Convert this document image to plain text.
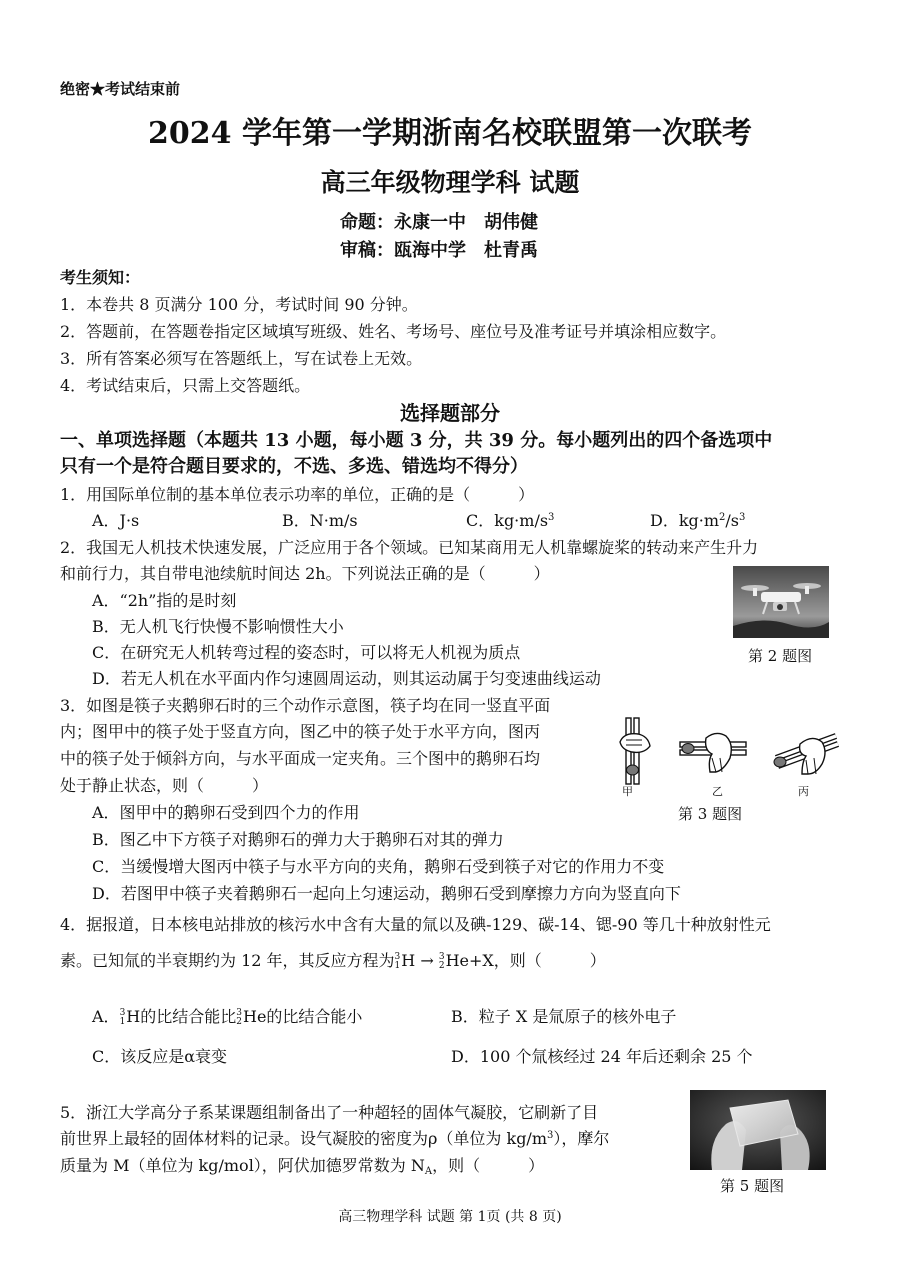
绝密★考试结束前
2024 学年第一学期浙南名校联盟第一次联考
高三年级物理学科 试题
命题：永康一中　胡伟健
审稿：瓯海中学　杜青禹
考生须知：
1．本卷共 8 页满分 100 分，考试时间 90 分钟。
2．答题前，在答题卷指定区域填写班级、姓名、考场号、座位号及准考证号并填涂相应数字。
3．所有答案必须写在答题纸上，写在试卷上无效。
4．考试结束后，只需上交答题纸。
选择题部分
一、单项选择题（本题共 13 小题，每小题 3 分，共 39 分。每小题列出的四个备选项中
只有一个是符合题目要求的，不选、多选、错选均不得分）
1．用国际单位制的基本单位表示功率的单位，正确的是（　　　）
A．J·s	B．N·m/s	C．$kg\cdot m/s^3$	D．$kg\cdot m^2/s^3$
2．我国无人机技术快速发展，广泛应用于各个领域。已知某商用无人机靠螺旋桨的转动来产生升力
和前行力，其自带电池续航时间达 2h。下列说法正确的是（　　　）
A．“2h”指的是时刻
B．无人机飞行快慢不影响惯性大小
C．在研究无人机转弯过程的姿态时，可以将无人机视为质点
D．若无人机在水平面内作匀速圆周运动，则其运动属于匀变速曲线运动
第 2 题图
3．如图是筷子夹鹅卵石时的三个动作示意图，筷子均在同一竖直平面
内；图甲中的筷子处于竖直方向，图乙中的筷子处于水平方向，图丙
中的筷子处于倾斜方向，与水平面成一定夹角。三个图中的鹅卵石均
处于静止状态，则（　　　）
A．图甲中的鹅卵石受到四个力的作用
B．图乙中下方筷子对鹅卵石的弹力大于鹅卵石对其的弹力
C．当缓慢增大图丙中筷子与水平方向的夹角，鹅卵石受到筷子对它的作用力不变
D．若图甲中筷子夹着鹅卵石一起向上匀速运动，鹅卵石受到摩擦力方向为竖直向下
甲	乙	丙
第 3 题图
4．据报道，日本核电站排放的核污水中含有大量的氚以及碘-129、碳-14、锶-90 等几十种放射性元
素。已知氚的半衰期约为 12 年，其反应方程为3
1H → 3
2He+X，则（　　　）
A．3
1H的比结合能比3
2He的比结合能小	B．粒子 X 是氚原子的核外电子
C．该反应是α衰变	D．100 个氚核经过 24 年后还剩余 25 个
5．浙江大学高分子系某课题组制备出了一种超轻的固体气凝胶，它刷新了目
前世界上最轻的固体材料的记录。设气凝胶的密度为ρ（单位为 $kg/m^3$），摩尔
质量为 M（单位为 kg/mol），阿伏加德罗常数为 NA，则（　　　）
第 5 题图
高三物理学科 试题 第 1页 (共 8 页)
